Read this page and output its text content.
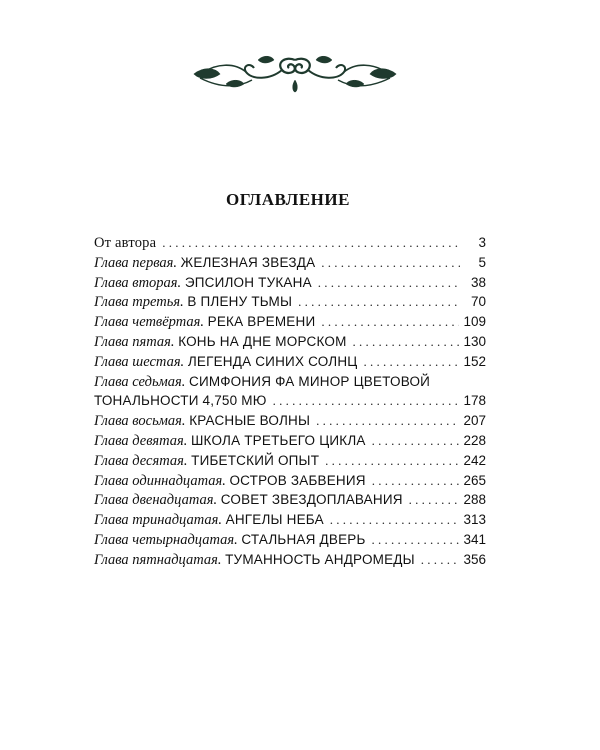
ОГЛАВЛЕНИЕ
От автора . . .	3
Глава первая. ЖЕЛЕЗНАЯ ЗВЕЗДА . . .	5
Глава вторая. ЭПСИЛОН ТУКАНА . . .	38
Глава третья. В ПЛЕНУ ТЬМЫ . . .	70
Глава четвёртая. РЕКА ВРЕМЕНИ . . .	109
Глава пятая. КОНЬ НА ДНЕ МОРСКОМ . . .	130
Глава шестая. ЛЕГЕНДА СИНИХ СОЛНЦ . . .	152
Глава седьмая. СИМФОНИЯ ФА МИНОР ЦВЕТОВОЙ
ТОНАЛЬНОСТИ 4,750 МЮ . . .	178
Глава восьмая. КРАСНЫЕ ВОЛНЫ . . .	207
Глава девятая. ШКОЛА ТРЕТЬЕГО ЦИКЛА . . .	228
Глава десятая. ТИБЕТСКИЙ ОПЫТ . . .	242
Глава одиннадцатая. ОСТРОВ ЗАБВЕНИЯ . . .	265
Глава двенадцатая. СОВЕТ ЗВЕЗДОПЛАВАНИЯ . . .	288
Глава тринадцатая. АНГЕЛЫ НЕБА . . .	313
Глава четырнадцатая. СТАЛЬНАЯ ДВЕРЬ . . .	341
Глава пятнадцатая. ТУМАННОСТЬ АНДРОМЕДЫ . . .	356
